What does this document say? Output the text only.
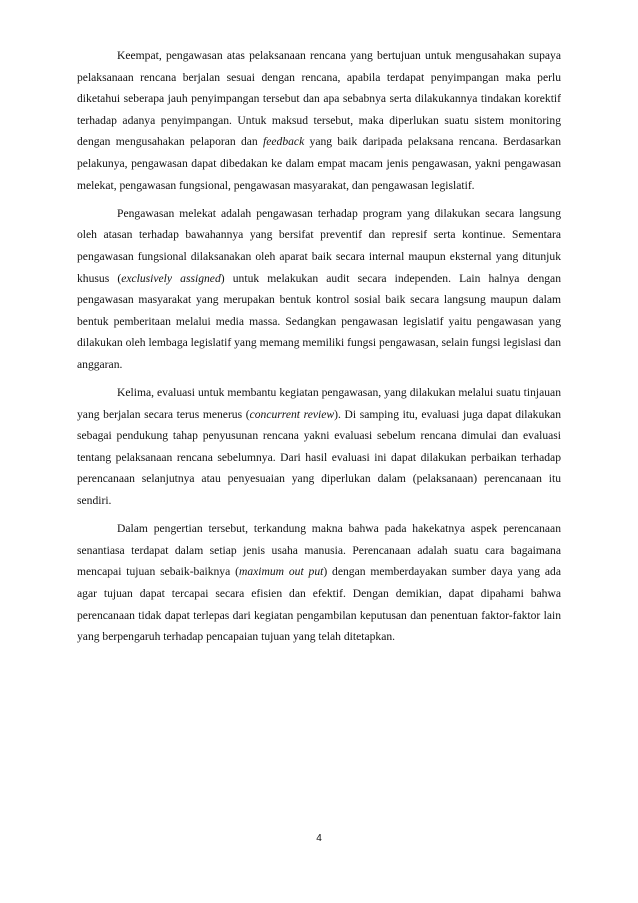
Keempat, pengawasan atas pelaksanaan rencana yang bertujuan untuk mengusahakan supaya pelaksanaan rencana berjalan sesuai dengan rencana, apabila terdapat penyimpangan maka perlu diketahui seberapa jauh penyimpangan tersebut dan apa sebabnya serta dilakukannya tindakan korektif terhadap adanya penyimpangan. Untuk maksud tersebut, maka diperlukan suatu sistem monitoring dengan mengusahakan pelaporan dan feedback yang baik daripada pelaksana rencana. Berdasarkan pelakunya, pengawasan dapat dibedakan ke dalam empat macam jenis pengawasan, yakni pengawasan melekat, pengawasan fungsional, pengawasan masyarakat, dan pengawasan legislatif.

Pengawasan melekat adalah pengawasan terhadap program yang dilakukan secara langsung oleh atasan terhadap bawahannya yang bersifat preventif dan represif serta kontinue. Sementara pengawasan fungsional dilaksanakan oleh aparat baik secara internal maupun eksternal yang ditunjuk khusus (exclusively assigned) untuk melakukan audit secara independen. Lain halnya dengan pengawasan masyarakat yang merupakan bentuk kontrol sosial baik secara langsung maupun dalam bentuk pemberitaan melalui media massa. Sedangkan pengawasan legislatif yaitu pengawasan yang dilakukan oleh lembaga legislatif yang memang memiliki fungsi pengawasan, selain fungsi legislasi dan anggaran.

Kelima, evaluasi untuk membantu kegiatan pengawasan, yang dilakukan melalui suatu tinjauan yang berjalan secara terus menerus (concurrent review). Di samping itu, evaluasi juga dapat dilakukan sebagai pendukung tahap penyusunan rencana yakni evaluasi sebelum rencana dimulai dan evaluasi tentang pelaksanaan rencana sebelumnya. Dari hasil evaluasi ini dapat dilakukan perbaikan terhadap perencanaan selanjutnya atau penyesuaian yang diperlukan dalam (pelaksanaan) perencanaan itu sendiri.

Dalam pengertian tersebut, terkandung makna bahwa pada hakekatnya aspek perencanaan senantiasa terdapat dalam setiap jenis usaha manusia. Perencanaan adalah suatu cara bagaimana mencapai tujuan sebaik-baiknya (maximum out put) dengan memberdayakan sumber daya yang ada agar tujuan dapat tercapai secara efisien dan efektif. Dengan demikian, dapat dipahami bahwa perencanaan tidak dapat terlepas dari kegiatan pengambilan keputusan dan penentuan faktor-faktor lain yang berpengaruh terhadap pencapaian tujuan yang telah ditetapkan.

4
